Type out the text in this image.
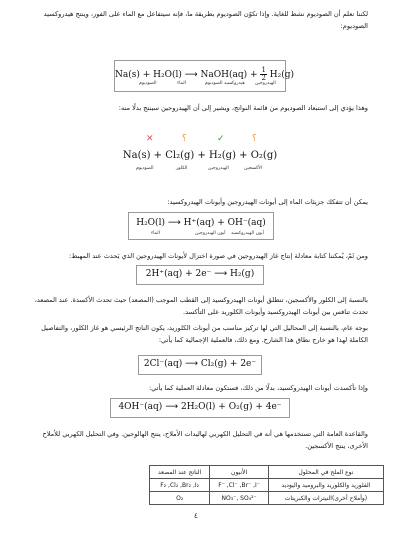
لكننا نعلم أن الصوديوم نشط للغاية. وإذا تكوّن الصوديوم بطريقة ما، فإنه سيتفاعل مع الماء على الفور، وينتج هيدروكسيد الصوديوم:
Na(s) + H₂O(l) ⟶ NaOH(aq) + $\frac{1}{2} H_2(g)$
الصوديوم	الماء	هيدروكسيد الصوديوم الهيدروجين
وهذا يؤدي إلى استبعاد الصوديوم من قائمة النواتج، ويشير إلى أن الهيدروجين سينتج بدلًا منه:
✕	؟	✓	؟
Na(s) + Cl₂(g) + H₂(g) + O₂(g)
الصوديوم	الكلور	الهيدروجين	الأكسجين
يمكن أن تتفكك جزيئات الماء إلى أيونات الهيدروجين وأيونات الهيدروكسيد:
H₂O(l) ⟶ H⁺(aq) + OH⁻(aq)
الماء	أيون الهيدروجين أيون الهيدروكسيد
ومن ثَمّ، يُمكننا كتابة معادلة إنتاج غاز الهيدروجين في صورة اختزال لأيونات الهيدروجين الذي يَحدث عند المهبط:
2H⁺(aq) + 2e⁻ ⟶ H₂(g)
بالنسبة إلى الكلور والأكسجين، تنطلق أيونات الهيدروكسيد إلى القطب الموجب (المصعد) حيث تحدث الأكسدة. عند المصعد، تحدث تنافس بين أيونات الهيدروكسيد وأيونات الكلوريد على التأكسد.
بوجه عام، بالنسبة إلى المحاليل التي لها تركيز مناسب من أيونات الكلوريد، يكون الناتج الرئيسي هو غاز الكلور، والتفاصيل الكاملة لهذا هو خارج نطاق هذا الشارح. ومع ذلك، فالعملية الإجمالية كما يأتي:
2Cl⁻(aq) ⟶ Cl₂(g) + 2e⁻
وإذا تأكسدت أيونات الهيدروكسيد، بدلًا من ذلك، فستكون معادلة العملية كما يأتي:
4OH⁻(aq) ⟶ 2H₂O(l) + O₂(g) + 4e⁻
والقاعدة العامة التي تستخدمها هي أنه في التحليل الكهربي لهاليدات الأملاح، ينتج الهالوجين. وفي التحليل الكهربي للأملاح الأخرى، ينتج الأكسجين.
نوع الملح في المحلول	الأنيون	الناتج عند المصعد
الفلوريد والكلوريد والبروميد واليوديد	F⁻ ,Cl⁻ ,Br⁻ ,I⁻	F₂ ,Cl₂ ,Br₂ ,I₂
(وأملاح أخرى)النيترات والكبريتات	NO₃⁻, SO₄²⁻	O₂
٤
